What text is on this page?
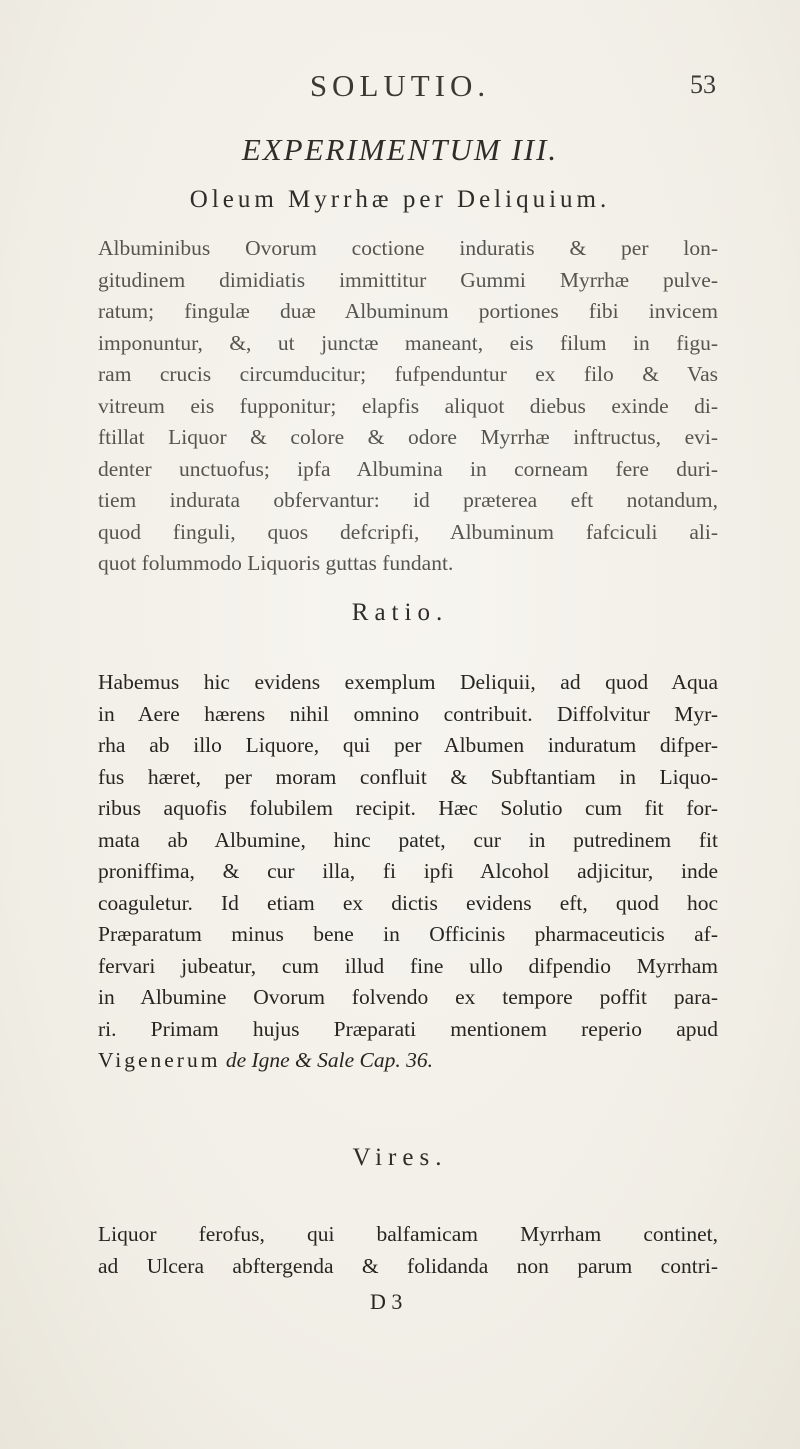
SOLUTIO.	53
EXPERIMENTUM III.
Oleum Myrrhæ per Deliquium.
Albuminibus Ovorum coctione induratis & per lon-
gitudinem dimidiatis immittitur Gummi Myrrhæ pulve-
ratum; fingulæ duæ Albuminum portiones fibi invicem
imponuntur, &, ut junctæ maneant, eis filum in figu-
ram crucis circumducitur; fufpenduntur ex filo & Vas
vitreum eis fupponitur; elapfis aliquot diebus exinde di-
ftillat Liquor & colore & odore Myrrhæ inftructus, evi-
denter unctuofus; ipfa Albumina in corneam fere duri-
tiem indurata obfervantur: id præterea eft notandum,
quod finguli, quos defcripfi, Albuminum fafciculi ali-
quot folummodo Liquoris guttas fundant.
Ratio.
Habemus hic evidens exemplum Deliquii, ad quod Aqua
in Aere hærens nihil omnino contribuit. Diffolvitur Myr-
rha ab illo Liquore, qui per Albumen induratum difper-
fus hæret, per moram confluit & Subftantiam in Liquo-
ribus aquofis folubilem recipit. Hæc Solutio cum fit for-
mata ab Albumine, hinc patet, cur in putredinem fit
proniffima, & cur illa, fi ipfi Alcohol adjicitur, inde
coaguletur. Id etiam ex dictis evidens eft, quod hoc
Præparatum minus bene in Officinis pharmaceuticis af-
fervari jubeatur, cum illud fine ullo difpendio Myrrham
in Albumine Ovorum folvendo ex tempore poffit para-
ri. Primam hujus Præparati mentionem reperio apud
Vigenerum de Igne & Sale Cap. 36.
Vires.
Liquor ferofus, qui balfamicam Myrrham continet,
ad Ulcera abftergenda & folidanda non parum contri-
D 3
